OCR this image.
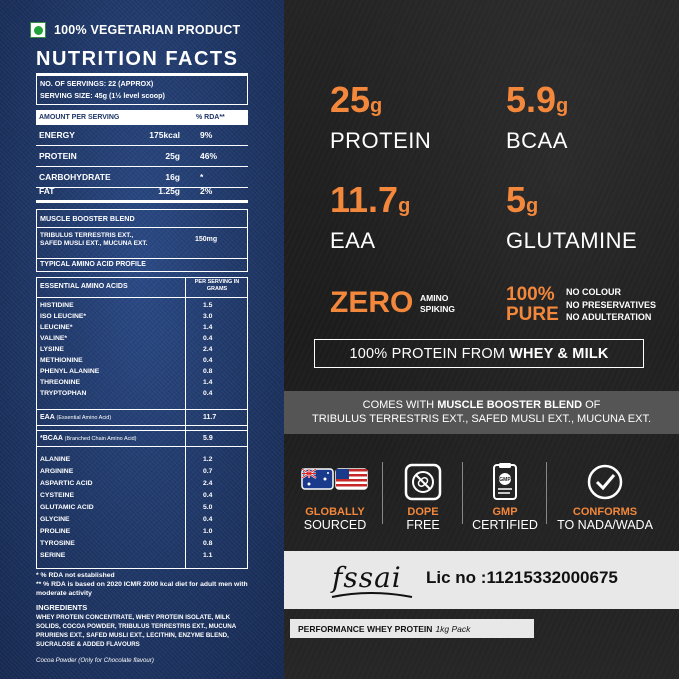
100% VEGETARIAN PRODUCT
NUTRITION FACTS
NO. OF SERVINGS: 22 (APPROX)
SERVING SIZE: 45g (1½ level scoop)
AMOUNT PER SERVING	% RDA**
ENERGY	175kcal 9%
PROTEIN	25g 46%
CARBOHYDRATE	16g *
FAT	1.25g 2%
MUSCLE BOOSTER BLEND
TRIBULUS TERRESTRIS EXT.,
SAFED MUSLI EXT., MUCUNA EXT.
150mg
TYPICAL AMINO ACID PROFILE
ESSENTIAL AMINO ACIDS
PER SERVING IN GRAMS
HISTIDINE	1.5
ISO LEUCINE*	3.0
LEUCINE*	1.4
VALINE*	0.4
LYSINE	2.4
METHIONINE	0.4
PHENYL ALANINE	0.8
THREONINE	1.4
TRYPTOPHAN	0.4
EAA (Essential Amino Acid)	11.7
*BCAA (Branched Chain Amino Acid)	5.9
ALANINE	1.2
ARGININE	0.7
ASPARTIC ACID	2.4
CYSTEINE	0.4
GLUTAMIC ACID	5.0
GLYCINE	0.4
PROLINE	1.0
TYROSINE	0.8
SERINE	1.1
* % RDA not established
** % RDA is based on 2020 ICMR 2000 kcal diet for adult men with moderate activity
INGREDIENTS
WHEY PROTEIN CONCENTRATE, WHEY PROTEIN ISOLATE, MILK SOLIDS, COCOA POWDER, TRIBULUS TERRESTRIS EXT., MUCUNA PRURIENS EXT., SAFED MUSLI EXT., LECITHIN, ENZYME BLEND, SUCRALOSE & ADDED FLAVOURS
Cocoa Powder (Only for Chocolate flavour)
25g
PROTEIN
5.9g
BCAA
11.7g
EAA
5g
GLUTAMINE
ZERO AMINO
SPIKING
100%
PURE
NO COLOUR
NO PRESERVATIVES
NO ADULTERATION
100% PROTEIN FROM WHEY & MILK
COMES WITH MUSCLE BOOSTER BLEND OF
TRIBULUS TERRESTRIS EXT., SAFED MUSLI EXT., MUCUNA EXT.
GLOBALLY
SOURCED
DOPE
FREE
GMP
GMP
CERTIFIED
CONFORMS
TO NADA/WADA
fssai Lic no :11215332000675
PERFORMANCE WHEY PROTEIN 1kg Pack
